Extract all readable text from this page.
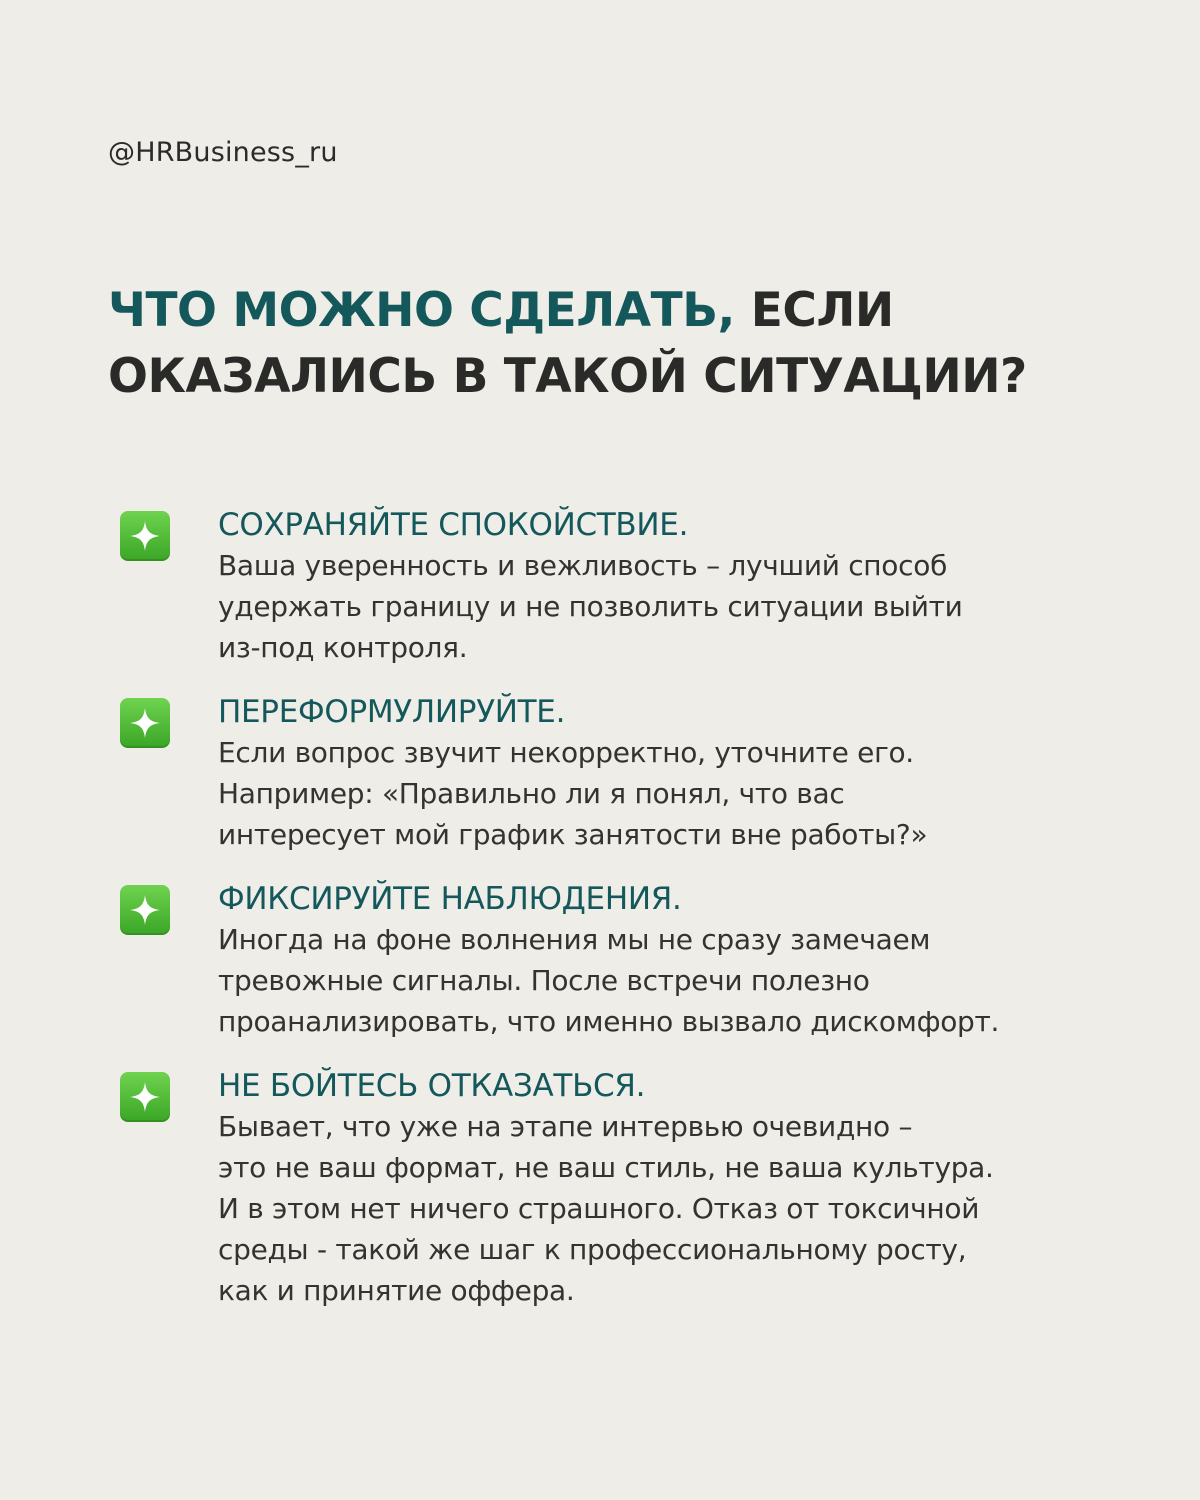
@HRBusiness_ru
ЧТО МОЖНО СДЕЛАТЬ, ЕСЛИ
ОКАЗАЛИСЬ В ТАКОЙ СИТУАЦИИ?
СОХРАНЯЙТЕ СПОКОЙСТВИЕ.
Ваша уверенность и вежливость – лучший способ
удержать границу и не позволить ситуации выйти
из-под контроля.
ПЕРЕФОРМУЛИРУЙТЕ.
Если вопрос звучит некорректно, уточните его.
Например: «Правильно ли я понял, что вас
интересует мой график занятости вне работы?»
ФИКСИРУЙТЕ НАБЛЮДЕНИЯ.
Иногда на фоне волнения мы не сразу замечаем
тревожные сигналы. После встречи полезно
проанализировать, что именно вызвало дискомфорт.
НЕ БОЙТЕСЬ ОТКАЗАТЬСЯ.
Бывает, что уже на этапе интервью очевидно –
это не ваш формат, не ваш стиль, не ваша культура.
И в этом нет ничего страшного. Отказ от токсичной
среды - такой же шаг к профессиональному росту,
как и принятие оффера.
